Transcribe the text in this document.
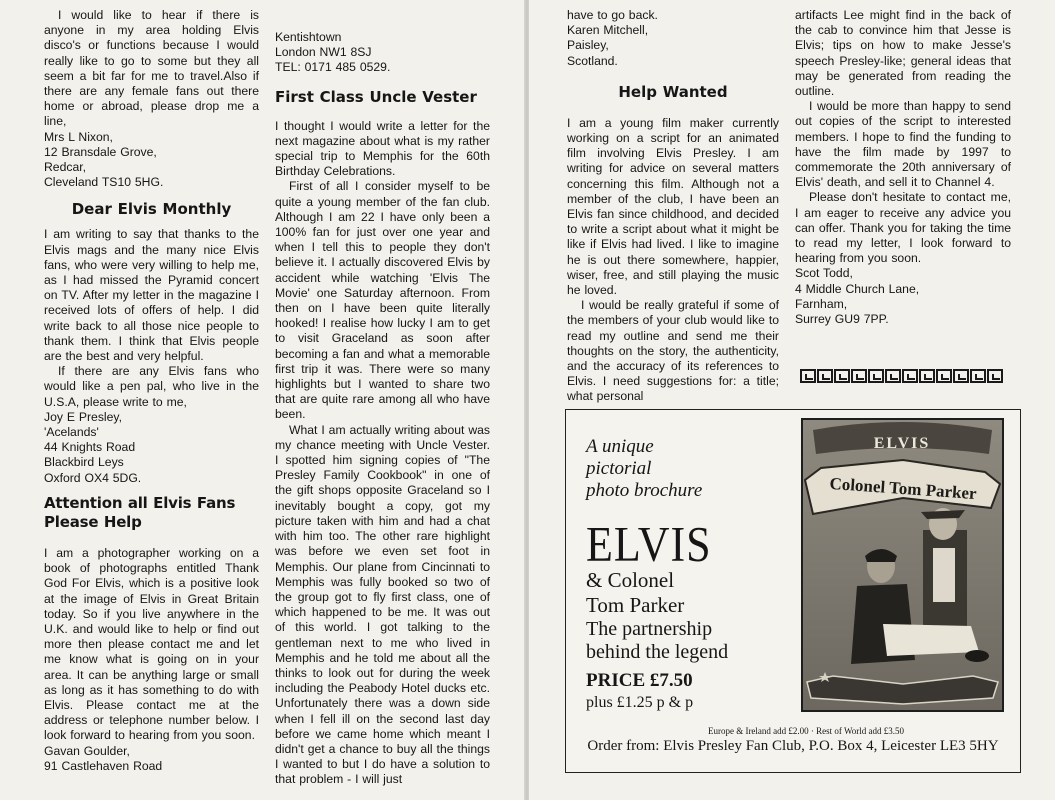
I would like to hear if there is anyone in my area holding Elvis disco's or functions because I would really like to go to some but they all seem a bit far for me to travel.Also if there are any female fans out there home or abroad, please drop me a line,

Mrs L Nixon,
12 Bransdale Grove,
Redcar,
Cleveland TS10 5HG.
Dear Elvis Monthly

I am writing to say that thanks to the Elvis mags and the many nice Elvis fans, who were very willing to help me, as I had missed the Pyramid concert on TV. After my letter in the magazine I received lots of offers of help. I did write back to all those nice people to thank them. I think that Elvis people are the best and very helpful.

If there are any Elvis fans who would like a pen pal, who live in the U.S.A, please write to me,

Joy E Presley,
'Acelands'
44 Knights Road
Blackbird Leys
Oxford OX4 5DG.
Attention all Elvis Fans Please Help

I am a photographer working on a book of photographs entitled Thank God For Elvis, which is a positive look at the image of Elvis in Great Britain today. So if you live anywhere in the U.K. and would like to help or find out more then please contact me and let me know what is going on in your area. It can be anything large or small as long as it has something to do with Elvis. Please contact me at the address or telephone number below. I look forward to hearing from you soon.

Gavan Goulder,
91 Castlehaven Road
Kentishtown
London NW1 8SJ
TEL: 0171 485 0529.
First Class Uncle Vester

I thought I would write a letter for the next magazine about what is my rather special trip to Memphis for the 60th Birthday Celebrations.

First of all I consider myself to be quite a young member of the fan club. Although I am 22 I have only been a 100% fan for just over one year and when I tell this to people they don't believe it. I actually discovered Elvis by accident while watching 'Elvis The Movie' one Saturday afternoon. From then on I have been quite literally hooked! I realise how lucky I am to get to visit Graceland as soon after becoming a fan and what a memorable first trip it was. There were so many highlights but I wanted to share two that are quite rare among all who have been.

What I am actually writing about was my chance meeting with Uncle Vester. I spotted him signing copies of "The Presley Family Cookbook" in one of the gift shops opposite Graceland so I inevitably bought a copy, got my picture taken with him and had a chat with him too. The other rare highlight was before we even set foot in Memphis. Our plane from Cincinnati to Memphis was fully booked so two of the group got to fly first class, one of which happened to be me. It was out of this world. I got talking to the gentleman next to me who lived in Memphis and he told me about all the thinks to look out for during the week including the Peabody Hotel ducks etc. Unfortunately there was a down side when I fell ill on the second last day before we came home which meant I didn't get a chance to buy all the things I wanted to but I do have a solution to that problem - I will just

have to go back.

Karen Mitchell,
Paisley,
Scotland.
Help Wanted

I am a young film maker currently working on a script for an animated film involving Elvis Presley. I am writing for advice on several matters concerning this film. Although not a member of the club, I have been an Elvis fan since childhood, and decided to write a script about what it might be like if Elvis had lived. I like to imagine he is out there somewhere, happier, wiser, free, and still playing the music he loved.

I would be really grateful if some of the members of your club would like to read my outline and send me their thoughts on the story, the authenticity, and the accuracy of its references to Elvis. I need suggestions for: a title; what personal

artifacts Lee might find in the back of the cab to convince him that Jesse is Elvis; tips on how to make Jesse's speech Presley-like; general ideas that may be generated from reading the outline.

I would be more than happy to send out copies of the script to interested members. I hope to find the funding to have the film made by 1997 to commemorate the 20th anniversary of Elvis' death, and sell it to Channel 4.

Please don't hesitate to contact me, I am eager to receive any advice you can offer. Thank you for taking the time to read my letter, I look forward to hearing from you soon.

Scot Todd,
4 Middle Church Lane,
Farnham,
Surrey GU9 7PP.
A unique
pictorial
photo brochure
ELVIS
& Colonel
Tom Parker
The partnership
behind the legend
PRICE £7.50
plus £1.25 p & p
Europe & Ireland add £2.00 · Rest of World add £3.50
Order from: Elvis Presley Fan Club, P.O. Box 4, Leicester LE3 5HY
ELVIS
Colonel Tom Parker
